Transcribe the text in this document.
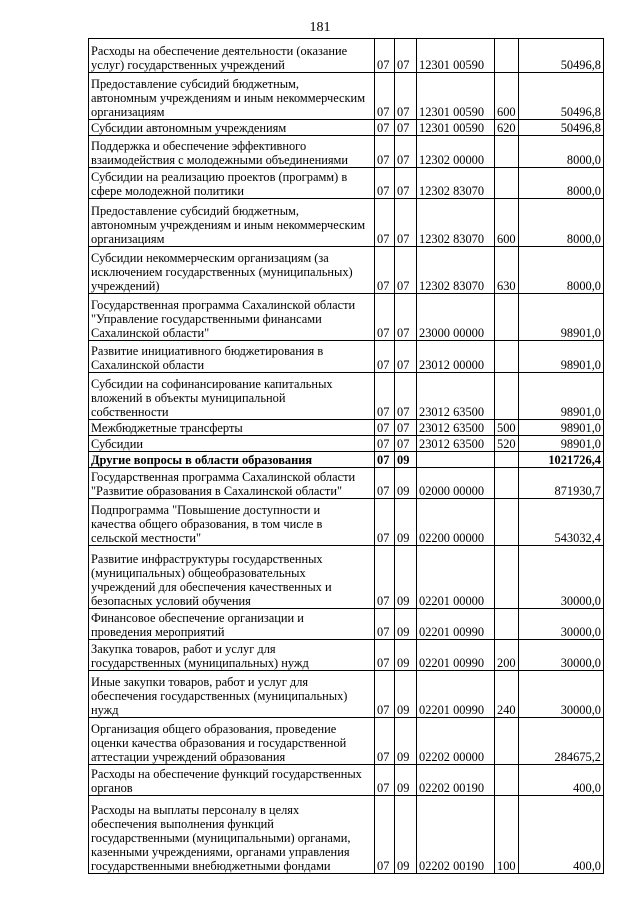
181
Расходы на обеспечение деятельности (оказание
услуг) государственных учреждений	07	07	12301 00590		50496,8
Предоставление субсидий бюджетным,
автономным учреждениям и иным некоммерческим
организациям	07	07	12301 00590	600	50496,8
Субсидии автономным учреждениям	07	07	12301 00590	620	50496,8
Поддержка и обеспечение эффективного
взаимодействия с молодежными объединениями	07	07	12302 00000		8000,0
Субсидии на реализацию проектов (программ) в
сфере молодежной политики	07	07	12302 83070		8000,0
Предоставление субсидий бюджетным,
автономным учреждениям и иным некоммерческим
организациям	07	07	12302 83070	600	8000,0
Субсидии некоммерческим организациям (за
исключением государственных (муниципальных)
учреждений)	07	07	12302 83070	630	8000,0
Государственная программа Сахалинской области
"Управление государственными финансами
Сахалинской области"	07	07	23000 00000		98901,0
Развитие инициативного бюджетирования в
Сахалинской области	07	07	23012 00000		98901,0
Субсидии на софинансирование капитальных
вложений в объекты муниципальной
собственности	07	07	23012 63500		98901,0
Межбюджетные трансферты	07	07	23012 63500	500	98901,0
Субсидии	07	07	23012 63500	520	98901,0
Другие вопросы в области образования	07	09			1021726,4
Государственная программа Сахалинской области
"Развитие образования в Сахалинской области"	07	09	02000 00000		871930,7
Подпрограмма "Повышение доступности и
качества общего образования, в том числе в
сельской местности"	07	09	02200 00000		543032,4
Развитие инфраструктуры государственных
(муниципальных) общеобразовательных
учреждений для обеспечения качественных и
безопасных условий обучения	07	09	02201 00000		30000,0
Финансовое обеспечение организации и
проведения мероприятий	07	09	02201 00990		30000,0
Закупка товаров, работ и услуг для
государственных (муниципальных) нужд	07	09	02201 00990	200	30000,0
Иные закупки товаров, работ и услуг для
обеспечения государственных (муниципальных)
нужд	07	09	02201 00990	240	30000,0
Организация общего образования, проведение
оценки качества образования и государственной
аттестации учреждений образования	07	09	02202 00000		284675,2
Расходы на обеспечение функций государственных
органов	07	09	02202 00190		400,0
Расходы на выплаты персоналу в целях
обеспечения выполнения функций
государственными (муниципальными) органами,
казенными учреждениями, органами управления
государственными внебюджетными фондами	07	09	02202 00190	100	400,0
